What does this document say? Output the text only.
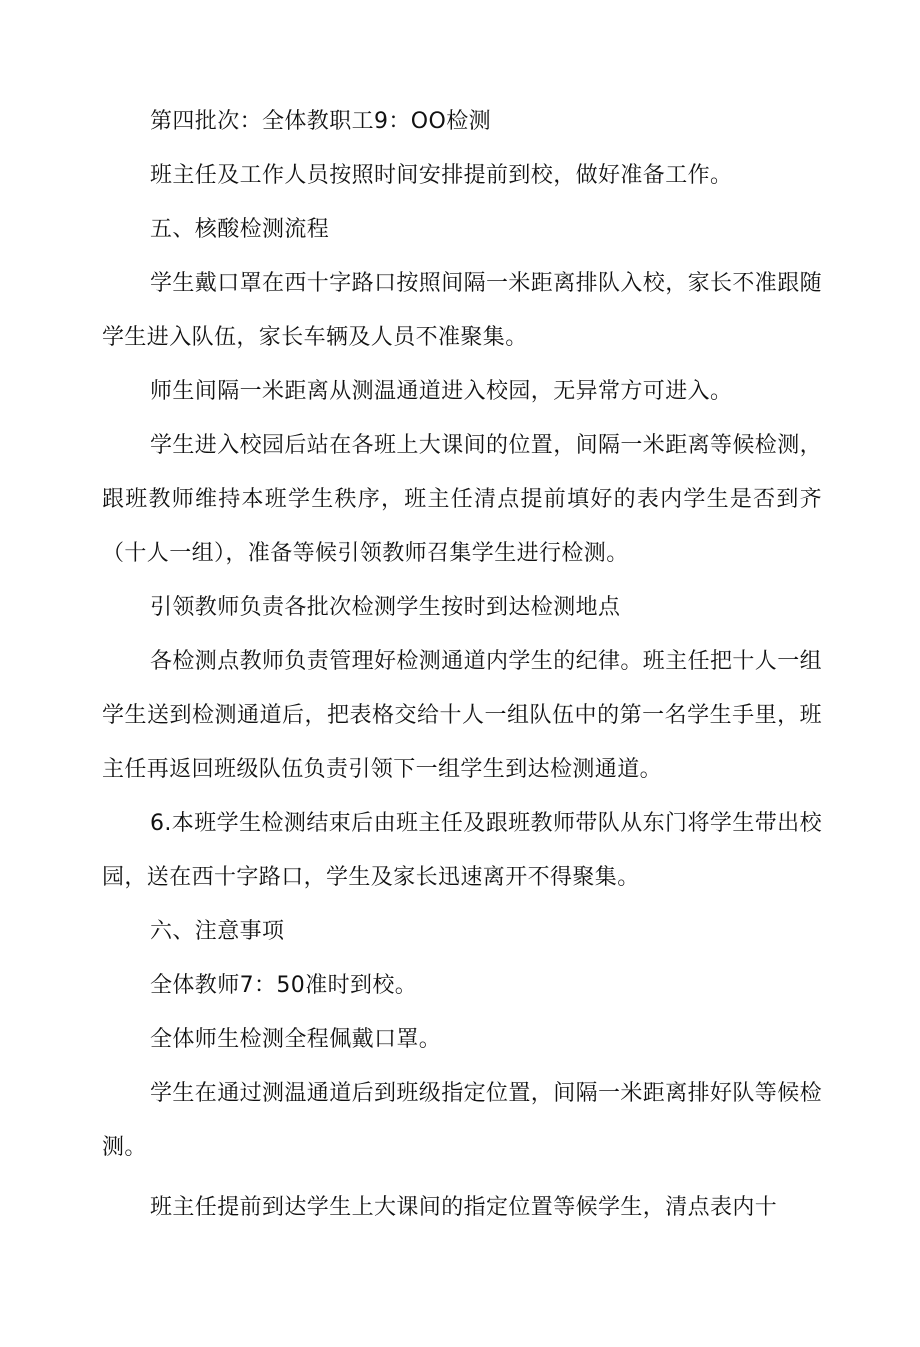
第四批次：全体教职工9：OO检测

班主任及工作人员按照时间安排提前到校，做好准备工作。

五、核酸检测流程

学生戴口罩在西十字路口按照间隔一米距离排队入校，家长不准跟随学生进入队伍，家长车辆及人员不准聚集。

师生间隔一米距离从测温通道进入校园，无异常方可进入。

学生进入校园后站在各班上大课间的位置，间隔一米距离等候检测，跟班教师维持本班学生秩序，班主任清点提前填好的表内学生是否到齐（十人一组），准备等候引领教师召集学生进行检测。

引领教师负责各批次检测学生按时到达检测地点

各检测点教师负责管理好检测通道内学生的纪律。班主任把十人一组学生送到检测通道后，把表格交给十人一组队伍中的第一名学生手里，班主任再返回班级队伍负责引领下一组学生到达检测通道。

6.本班学生检测结束后由班主任及跟班教师带队从东门将学生带出校园，送在西十字路口，学生及家长迅速离开不得聚集。

六、注意事项

全体教师7：50准时到校。

全体师生检测全程佩戴口罩。

学生在通过测温通道后到班级指定位置，间隔一米距离排好队等候检测。

班主任提前到达学生上大课间的指定位置等候学生，清点表内十
